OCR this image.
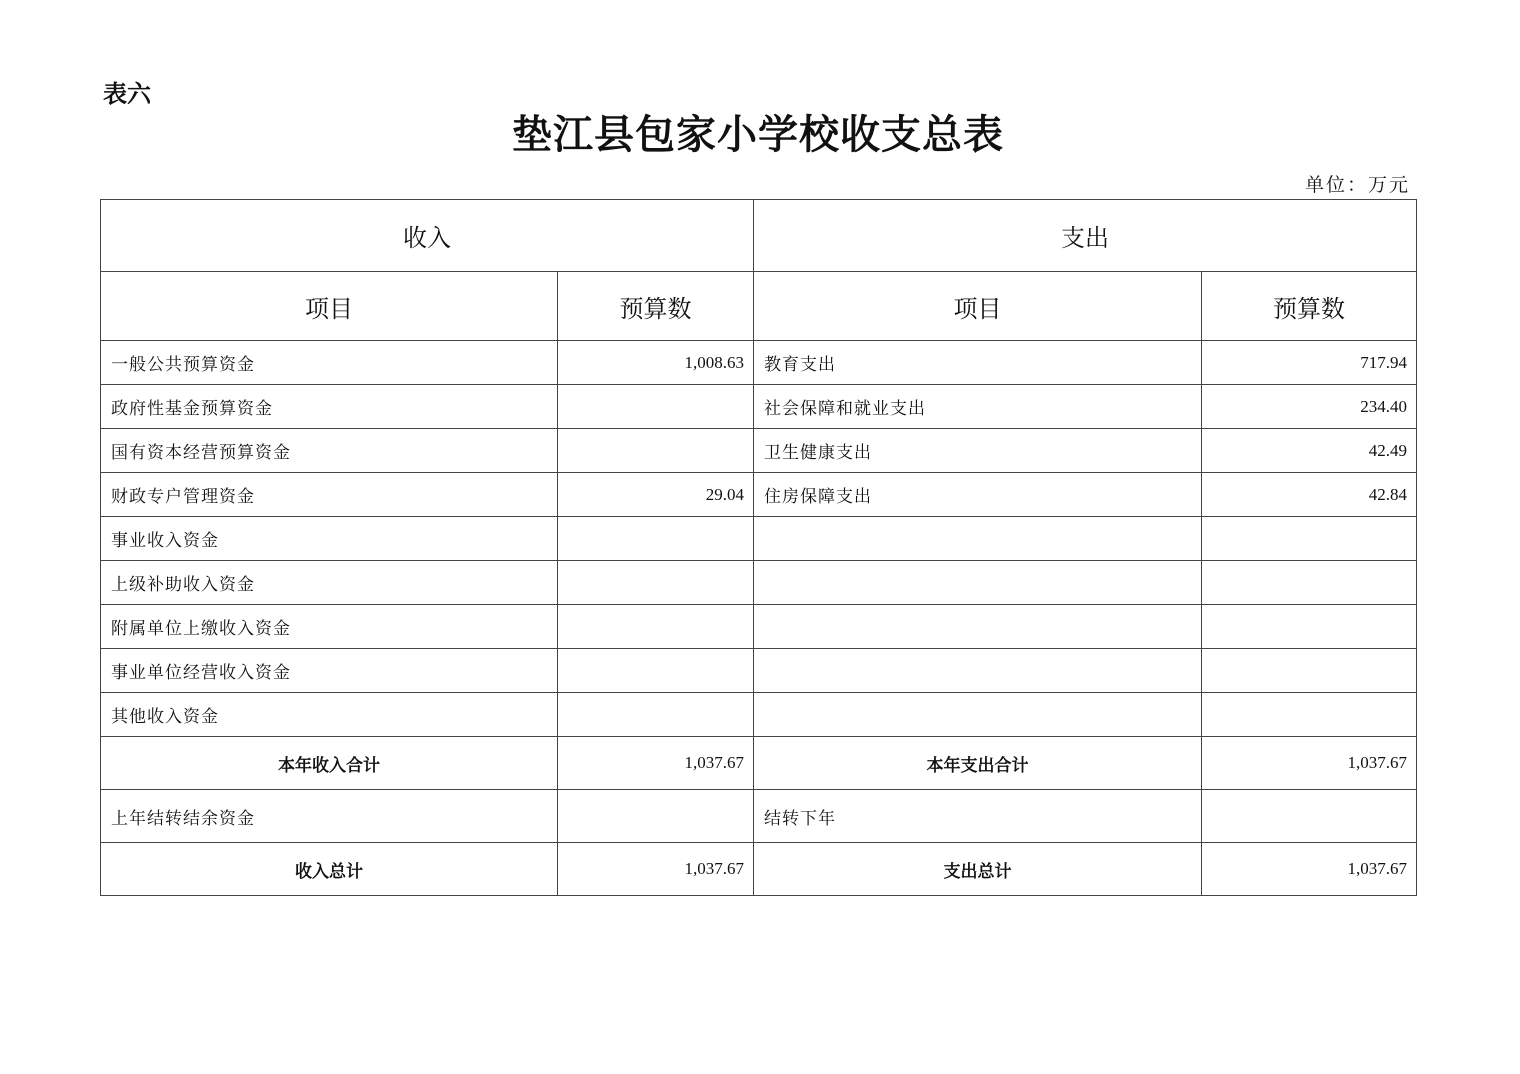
表六
垫江县包家小学校收支总表
单位：万元
收入		支出	
项目	预算数	项目	预算数
一般公共预算资金	1,008.63	教育支出	717.94
政府性基金预算资金		社会保障和就业支出	234.40
国有资本经营预算资金		卫生健康支出	42.49
财政专户管理资金	29.04	住房保障支出	42.84
事业收入资金			
上级补助收入资金			
附属单位上缴收入资金			
事业单位经营收入资金			
其他收入资金			
本年收入合计	1,037.67	本年支出合计	1,037.67
上年结转结余资金		结转下年	
收入总计	1,037.67	支出总计	1,037.67
